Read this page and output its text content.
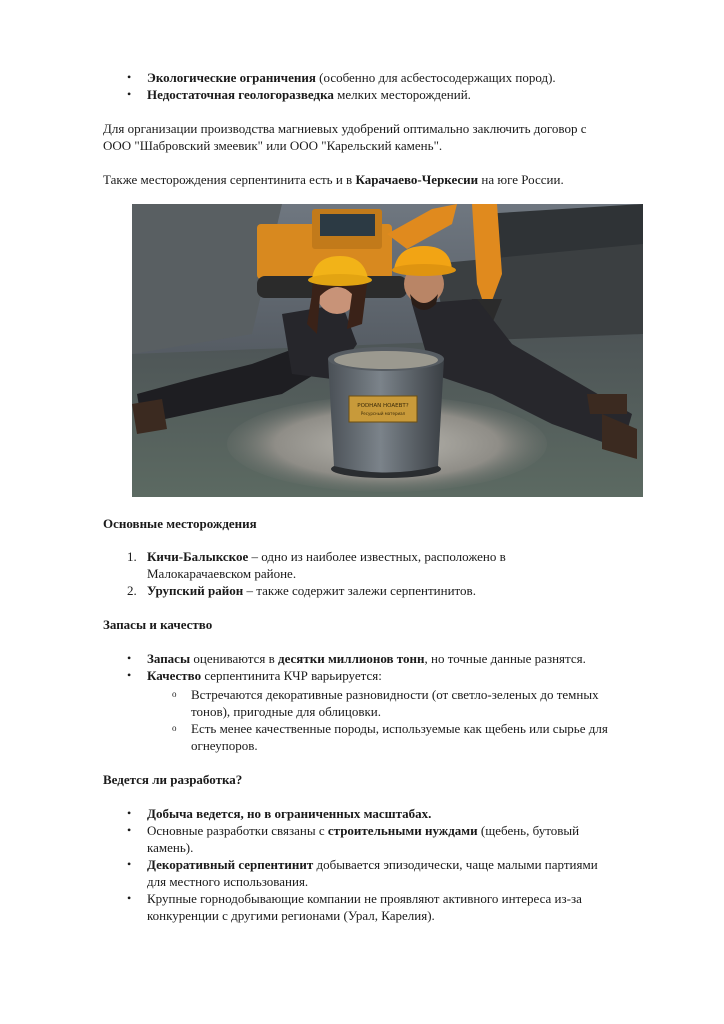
• Экологические ограничения (особенно для асбестосодержащих пород).
• Недостаточная геологоразведка мелких месторождений.
Для организации производства магниевых удобрений оптимально заключить договор с
ООО "Шабровский змеевик" или ООО "Карельский камень".
Также месторождения серпентинита есть и в Карачаево-Черкесии на юге России.
PODHAN НОАЕВТ?
Ресурсный материал
Основные месторождения
1. Кичи-Балыкское – одно из наиболее известных, расположено в
Малокарачаевском районе.
2. Урупский район – также содержит залежи серпентинитов.
Запасы и качество
• Запасы оцениваются в десятки миллионов тонн, но точные данные разнятся.
• Качество серпентинита КЧР варьируется:
o Встречаются декоративные разновидности (от светло-зеленых до темных
тонов), пригодные для облицовки.
o Есть менее качественные породы, используемые как щебень или сырье для
огнеупоров.
Ведется ли разработка?
• Добыча ведется, но в ограниченных масштабах.
• Основные разработки связаны с строительными нуждами (щебень, бутовый
камень).
• Декоративный серпентинит добывается эпизодически, чаще малыми партиями
для местного использования.
• Крупные горнодобывающие компании не проявляют активного интереса из-за
конкуренции с другими регионами (Урал, Карелия).
